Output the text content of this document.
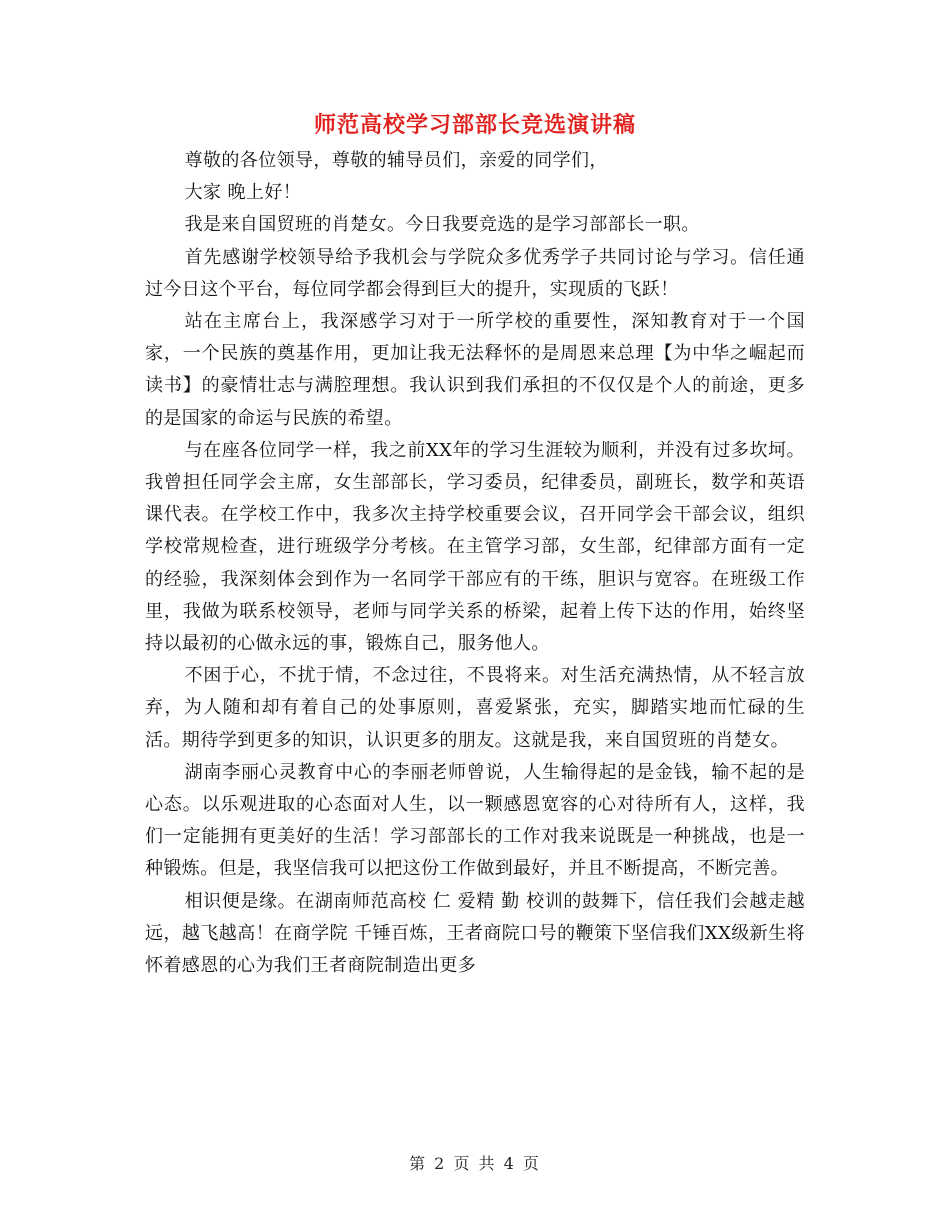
师范高校学习部部长竞选演讲稿

尊敬的各位领导，尊敬的辅导员们，亲爱的同学们，

大家 晚上好！

我是来自国贸班的肖楚女。今日我要竞选的是学习部部长一职。

首先感谢学校领导给予我机会与学院众多优秀学子共同讨论与学习。信任通过今日这个平台，每位同学都会得到巨大的提升，实现质的飞跃！

站在主席台上，我深感学习对于一所学校的重要性，深知教育对于一个国家，一个民族的奠基作用，更加让我无法释怀的是周恩来总理【为中华之崛起而读书】的豪情壮志与满腔理想。我认识到我们承担的不仅仅是个人的前途，更多的是国家的命运与民族的希望。

与在座各位同学一样，我之前XX年的学习生涯较为顺利，并没有过多坎坷。我曾担任同学会主席，女生部部长，学习委员，纪律委员，副班长，数学和英语课代表。在学校工作中，我多次主持学校重要会议，召开同学会干部会议，组织学校常规检查，进行班级学分考核。在主管学习部，女生部，纪律部方面有一定的经验，我深刻体会到作为一名同学干部应有的干练，胆识与宽容。在班级工作里，我做为联系校领导，老师与同学关系的桥梁，起着上传下达的作用，始终坚持以最初的心做永远的事，锻炼自己，服务他人。

不困于心，不扰于情，不念过往，不畏将来。对生活充满热情，从不轻言放弃，为人随和却有着自己的处事原则，喜爱紧张，充实，脚踏实地而忙碌的生活。期待学到更多的知识，认识更多的朋友。这就是我，来自国贸班的肖楚女。

湖南李丽心灵教育中心的李丽老师曾说，人生输得起的是金钱，输不起的是心态。以乐观进取的心态面对人生，以一颗感恩宽容的心对待所有人，这样，我们一定能拥有更美好的生活！学习部部长的工作对我来说既是一种挑战，也是一种锻炼。但是，我坚信我可以把这份工作做到最好，并且不断提高，不断完善。

相识便是缘。在湖南师范高校 仁 爱精 勤 校训的鼓舞下，信任我们会越走越远，越飞越高！在商学院 千锤百炼，王者商院口号的鞭策下坚信我们XX级新生将怀着感恩的心为我们王者商院制造出更多

第 2 页 共 4 页
